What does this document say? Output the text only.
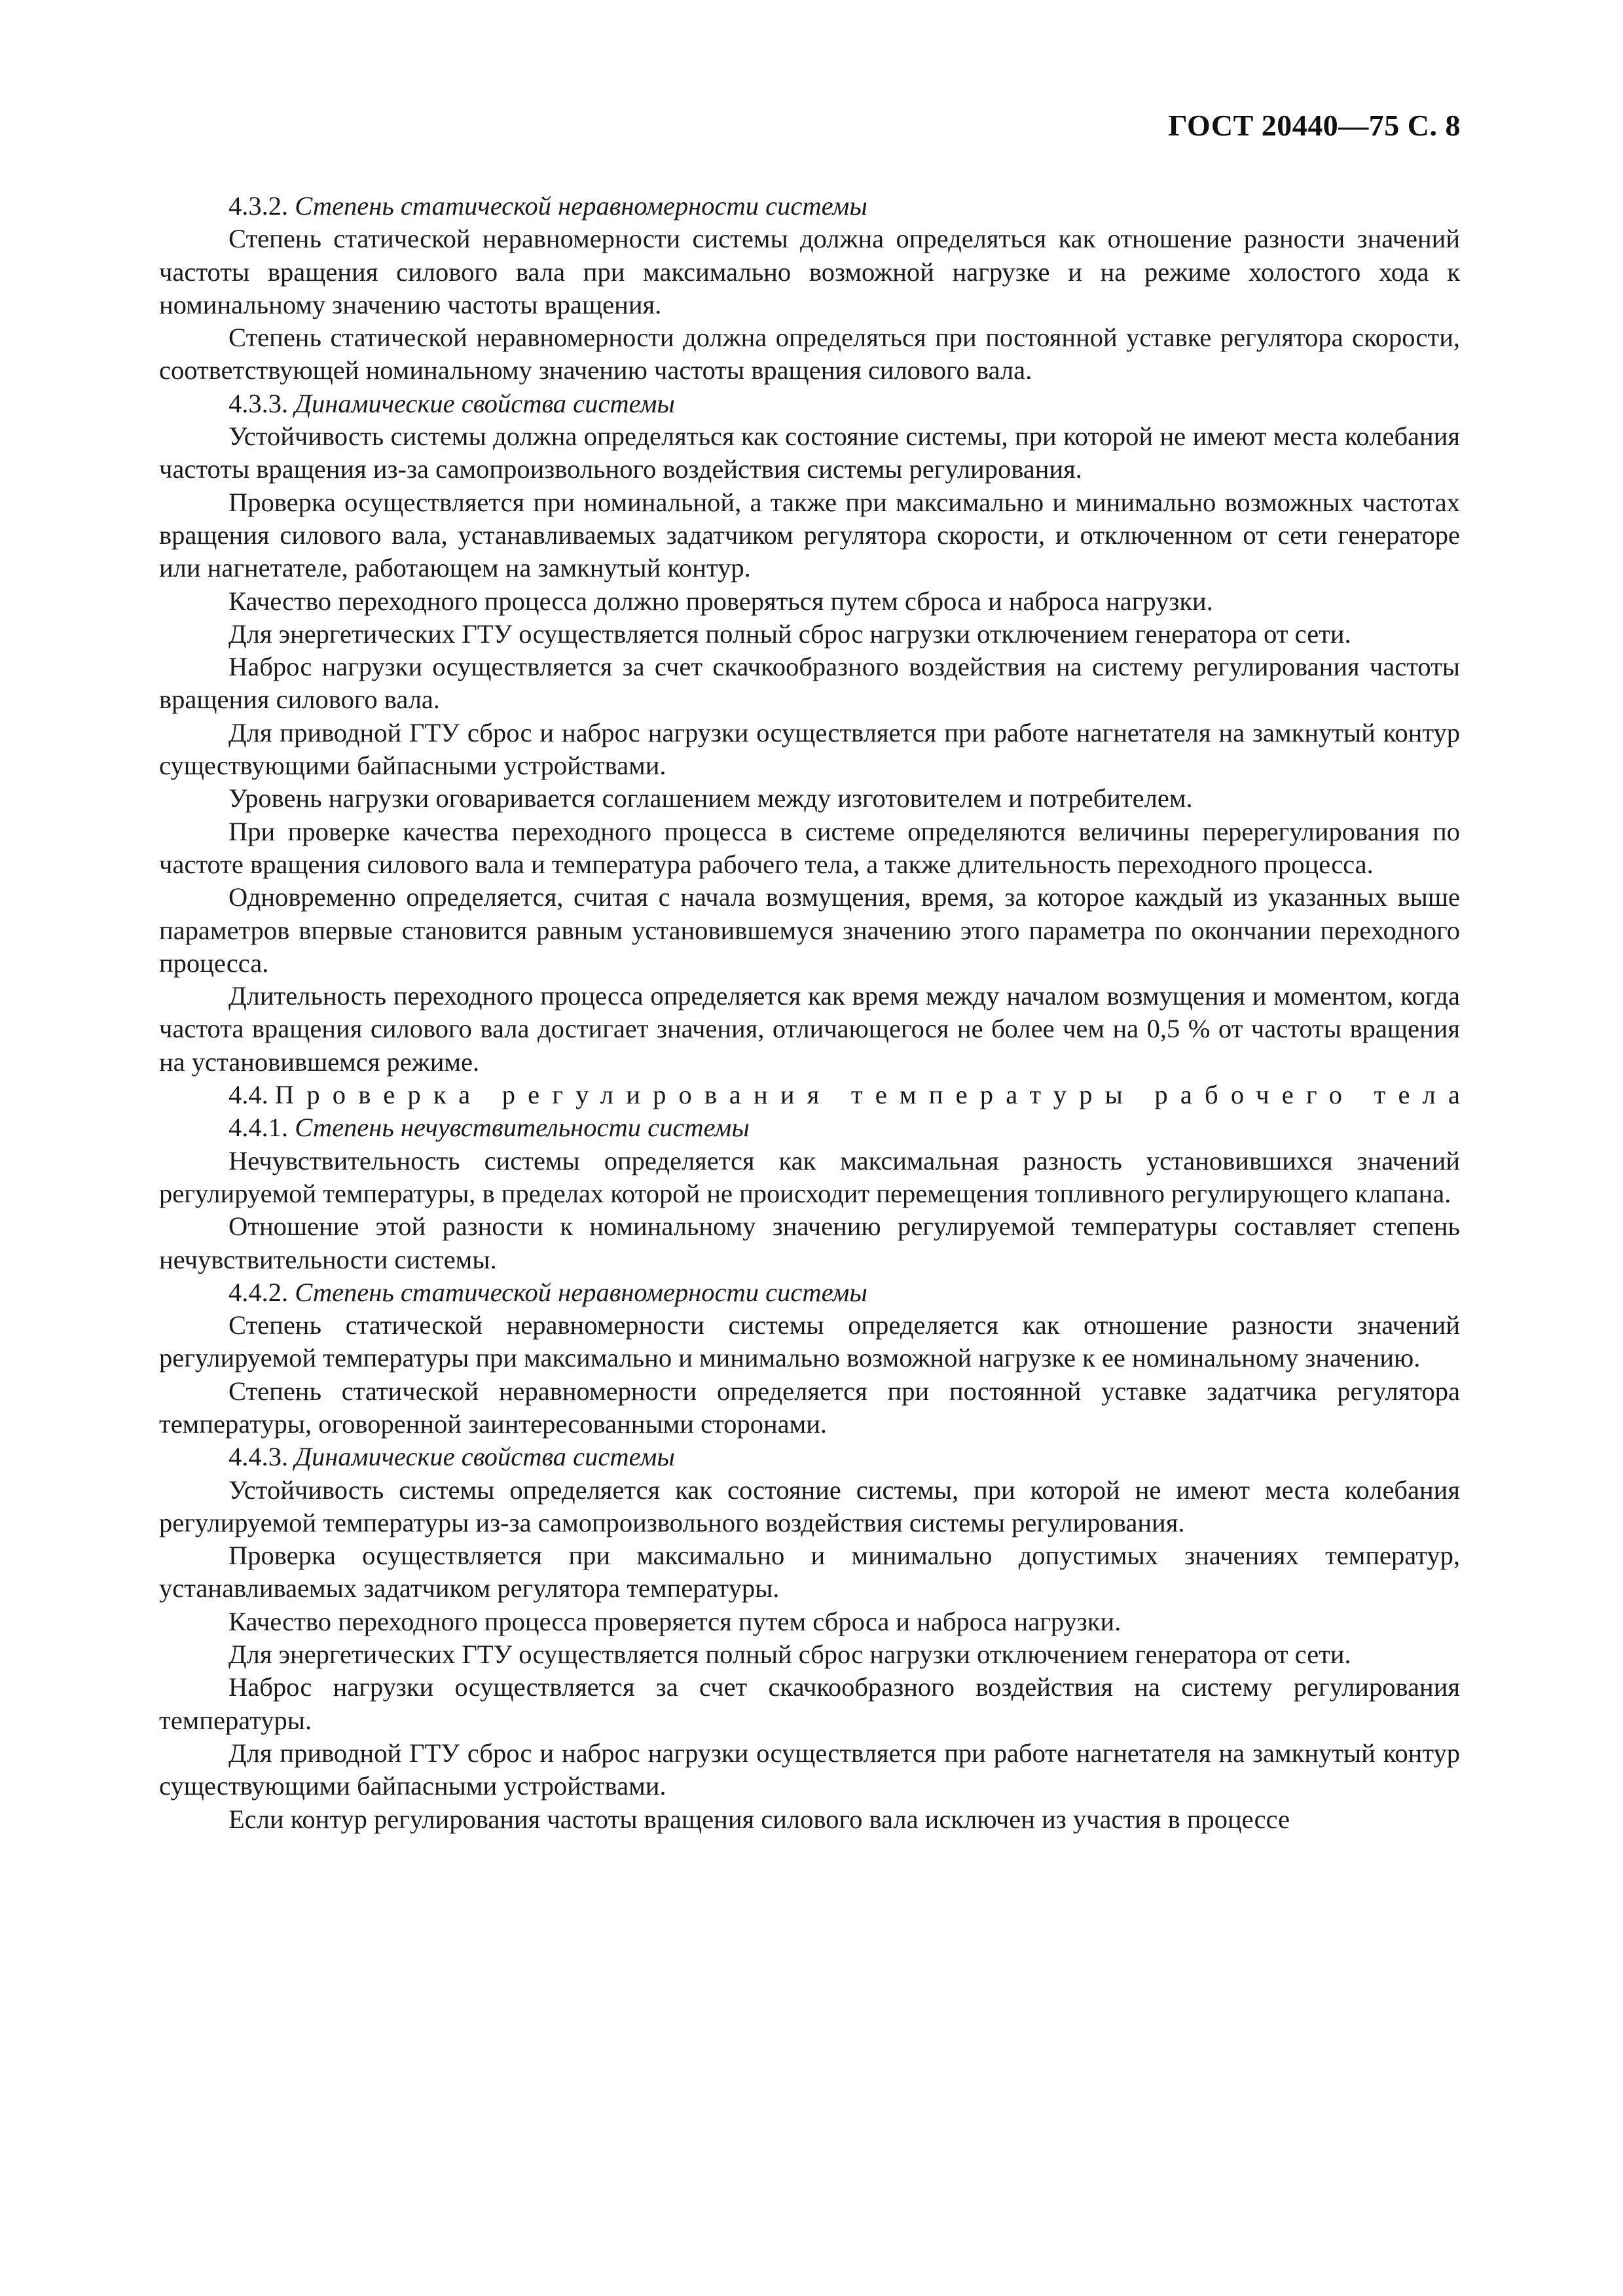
ГОСТ 20440—75 С. 8
4.3.2. Степень статической неравномерности системы

Степень статической неравномерности системы должна определяться как отношение разности значений частоты вращения силового вала при максимально возможной нагрузке и на режиме холостого хода к номинальному значению частоты вращения.

Степень статической неравномерности должна определяться при постоянной уставке регулятора скорости, соответствующей номинальному значению частоты вращения силового вала.

4.3.3. Динамические свойства системы

Устойчивость системы должна определяться как состояние системы, при которой не имеют места колебания частоты вращения из-за самопроизвольного воздействия системы регулирования.

Проверка осуществляется при номинальной, а также при максимально и минимально возможных частотах вращения силового вала, устанавливаемых задатчиком регулятора скорости, и отключенном от сети генераторе или нагнетателе, работающем на замкнутый контур.

Качество переходного процесса должно проверяться путем сброса и наброса нагрузки.

Для энергетических ГТУ осуществляется полный сброс нагрузки отключением генератора от сети.

Наброс нагрузки осуществляется за счет скачкообразного воздействия на систему регулирования частоты вращения силового вала.

Для приводной ГТУ сброс и наброс нагрузки осуществляется при работе нагнетателя на замкнутый контур существующими байпасными устройствами.

Уровень нагрузки оговаривается соглашением между изготовителем и потребителем.

При проверке качества переходного процесса в системе определяются величины перерегулирования по частоте вращения силового вала и температура рабочего тела, а также длительность переходного процесса.

Одновременно определяется, считая с начала возмущения, время, за которое каждый из указанных выше параметров впервые становится равным установившемуся значению этого параметра по окончании переходного процесса.

Длительность переходного процесса определяется как время между началом возмущения и моментом, когда частота вращения силового вала достигает значения, отличающегося не более чем на 0,5 % от частоты вращения на установившемся режиме.

4.4. Проверка регулирования температуры рабочего тела
4.4.1. Степень нечувствительности системы

Нечувствительность системы определяется как максимальная разность установившихся значений регулируемой температуры, в пределах которой не происходит перемещения топливного регулирующего клапана.

Отношение этой разности к номинальному значению регулируемой температуры составляет степень нечувствительности системы.

4.4.2. Степень статической неравномерности системы

Степень статической неравномерности системы определяется как отношение разности значений регулируемой температуры при максимально и минимально возможной нагрузке к ее номинальному значению.

Степень статической неравномерности определяется при постоянной уставке задатчика регулятора температуры, оговоренной заинтересованными сторонами.

4.4.3. Динамические свойства системы

Устойчивость системы определяется как состояние системы, при которой не имеют места колебания регулируемой температуры из-за самопроизвольного воздействия системы регулирования.

Проверка осуществляется при максимально и минимально допустимых значениях температур, устанавливаемых задатчиком регулятора температуры.

Качество переходного процесса проверяется путем сброса и наброса нагрузки.

Для энергетических ГТУ осуществляется полный сброс нагрузки отключением генератора от сети.

Наброс нагрузки осуществляется за счет скачкообразного воздействия на систему регулирования температуры.

Для приводной ГТУ сброс и наброс нагрузки осуществляется при работе нагнетателя на замкнутый контур существующими байпасными устройствами.

Если контур регулирования частоты вращения силового вала исключен из участия в процессе
